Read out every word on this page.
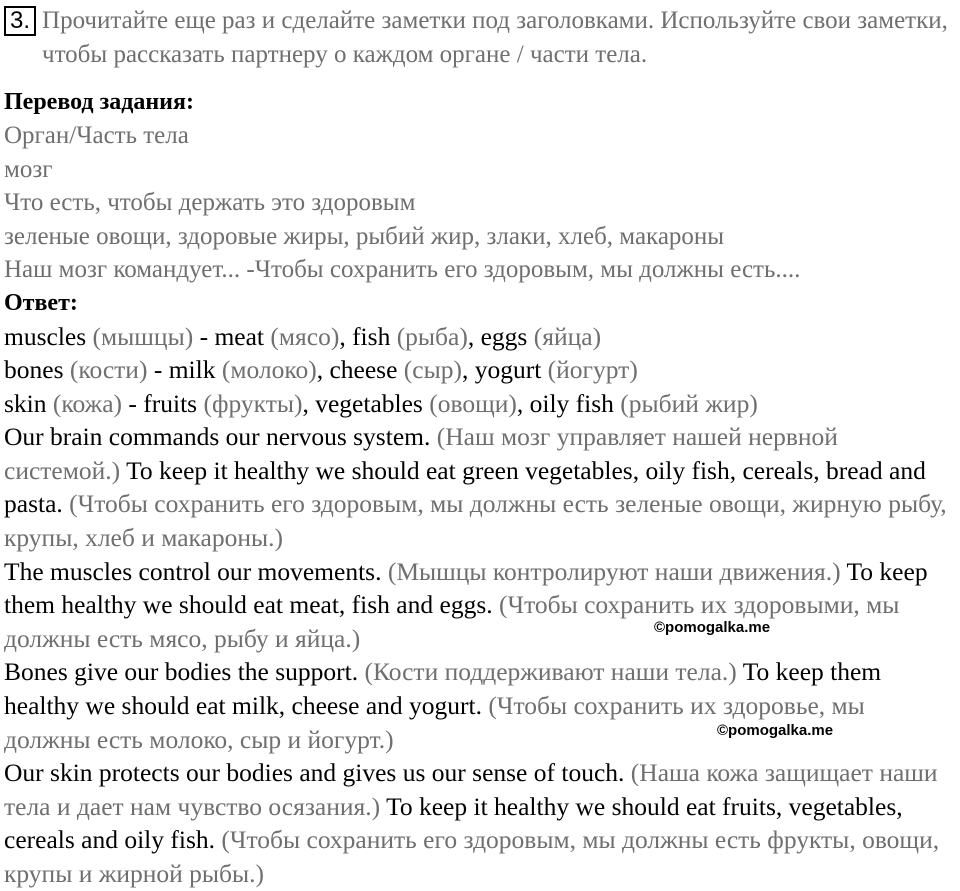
3. Прочитайте еще раз и сделайте заметки под заголовками. Используйте свои заметки, чтобы рассказать партнеру о каждом органе / части тела.
Перевод задания:
Орган/Часть тела
мозг
Что есть, чтобы держать это здоровым
зеленые овощи, здоровые жиры, рыбий жир, злаки, хлеб, макароны
Наш мозг командует... -Чтобы сохранить его здоровым, мы должны есть....
Ответ:
muscles (мышцы) - meat (мясо), fish (рыба), eggs (яйца)
bones (кости) - milk (молоко), cheese (сыр), yogurt (йогурт)
skin (кожа) - fruits (фрукты), vegetables (овощи), oily fish (рыбий жир)

Our brain commands our nervous system. (Наш мозг управляет нашей нервной системой.) To keep it healthy we should eat green vegetables, oily fish, cereals, bread and pasta. (Чтобы сохранить его здоровым, мы должны есть зеленые овощи, жирную рыбу, крупы, хлеб и макароны.)

The muscles control our movements. (Мышцы контролируют наши движения.) To keep them healthy we should eat meat, fish and eggs. (Чтобы сохранить их здоровыми, мы должны есть мясо, рыбу и яйца.)

Bones give our bodies the support. (Кости поддерживают наши тела.) To keep them healthy we should eat milk, cheese and yogurt. (Чтобы сохранить их здоровье, мы должны есть молоко, сыр и йогурт.)

Our skin protects our bodies and gives us our sense of touch. (Наша кожа защищает наши тела и дает нам чувство осязания.) To keep it healthy we should eat fruits, vegetables, cereals and oily fish. (Чтобы сохранить его здоровым, мы должны есть фрукты, овощи, крупы и жирной рыбы.)

©pomogalka.me
©pomogalka.me
